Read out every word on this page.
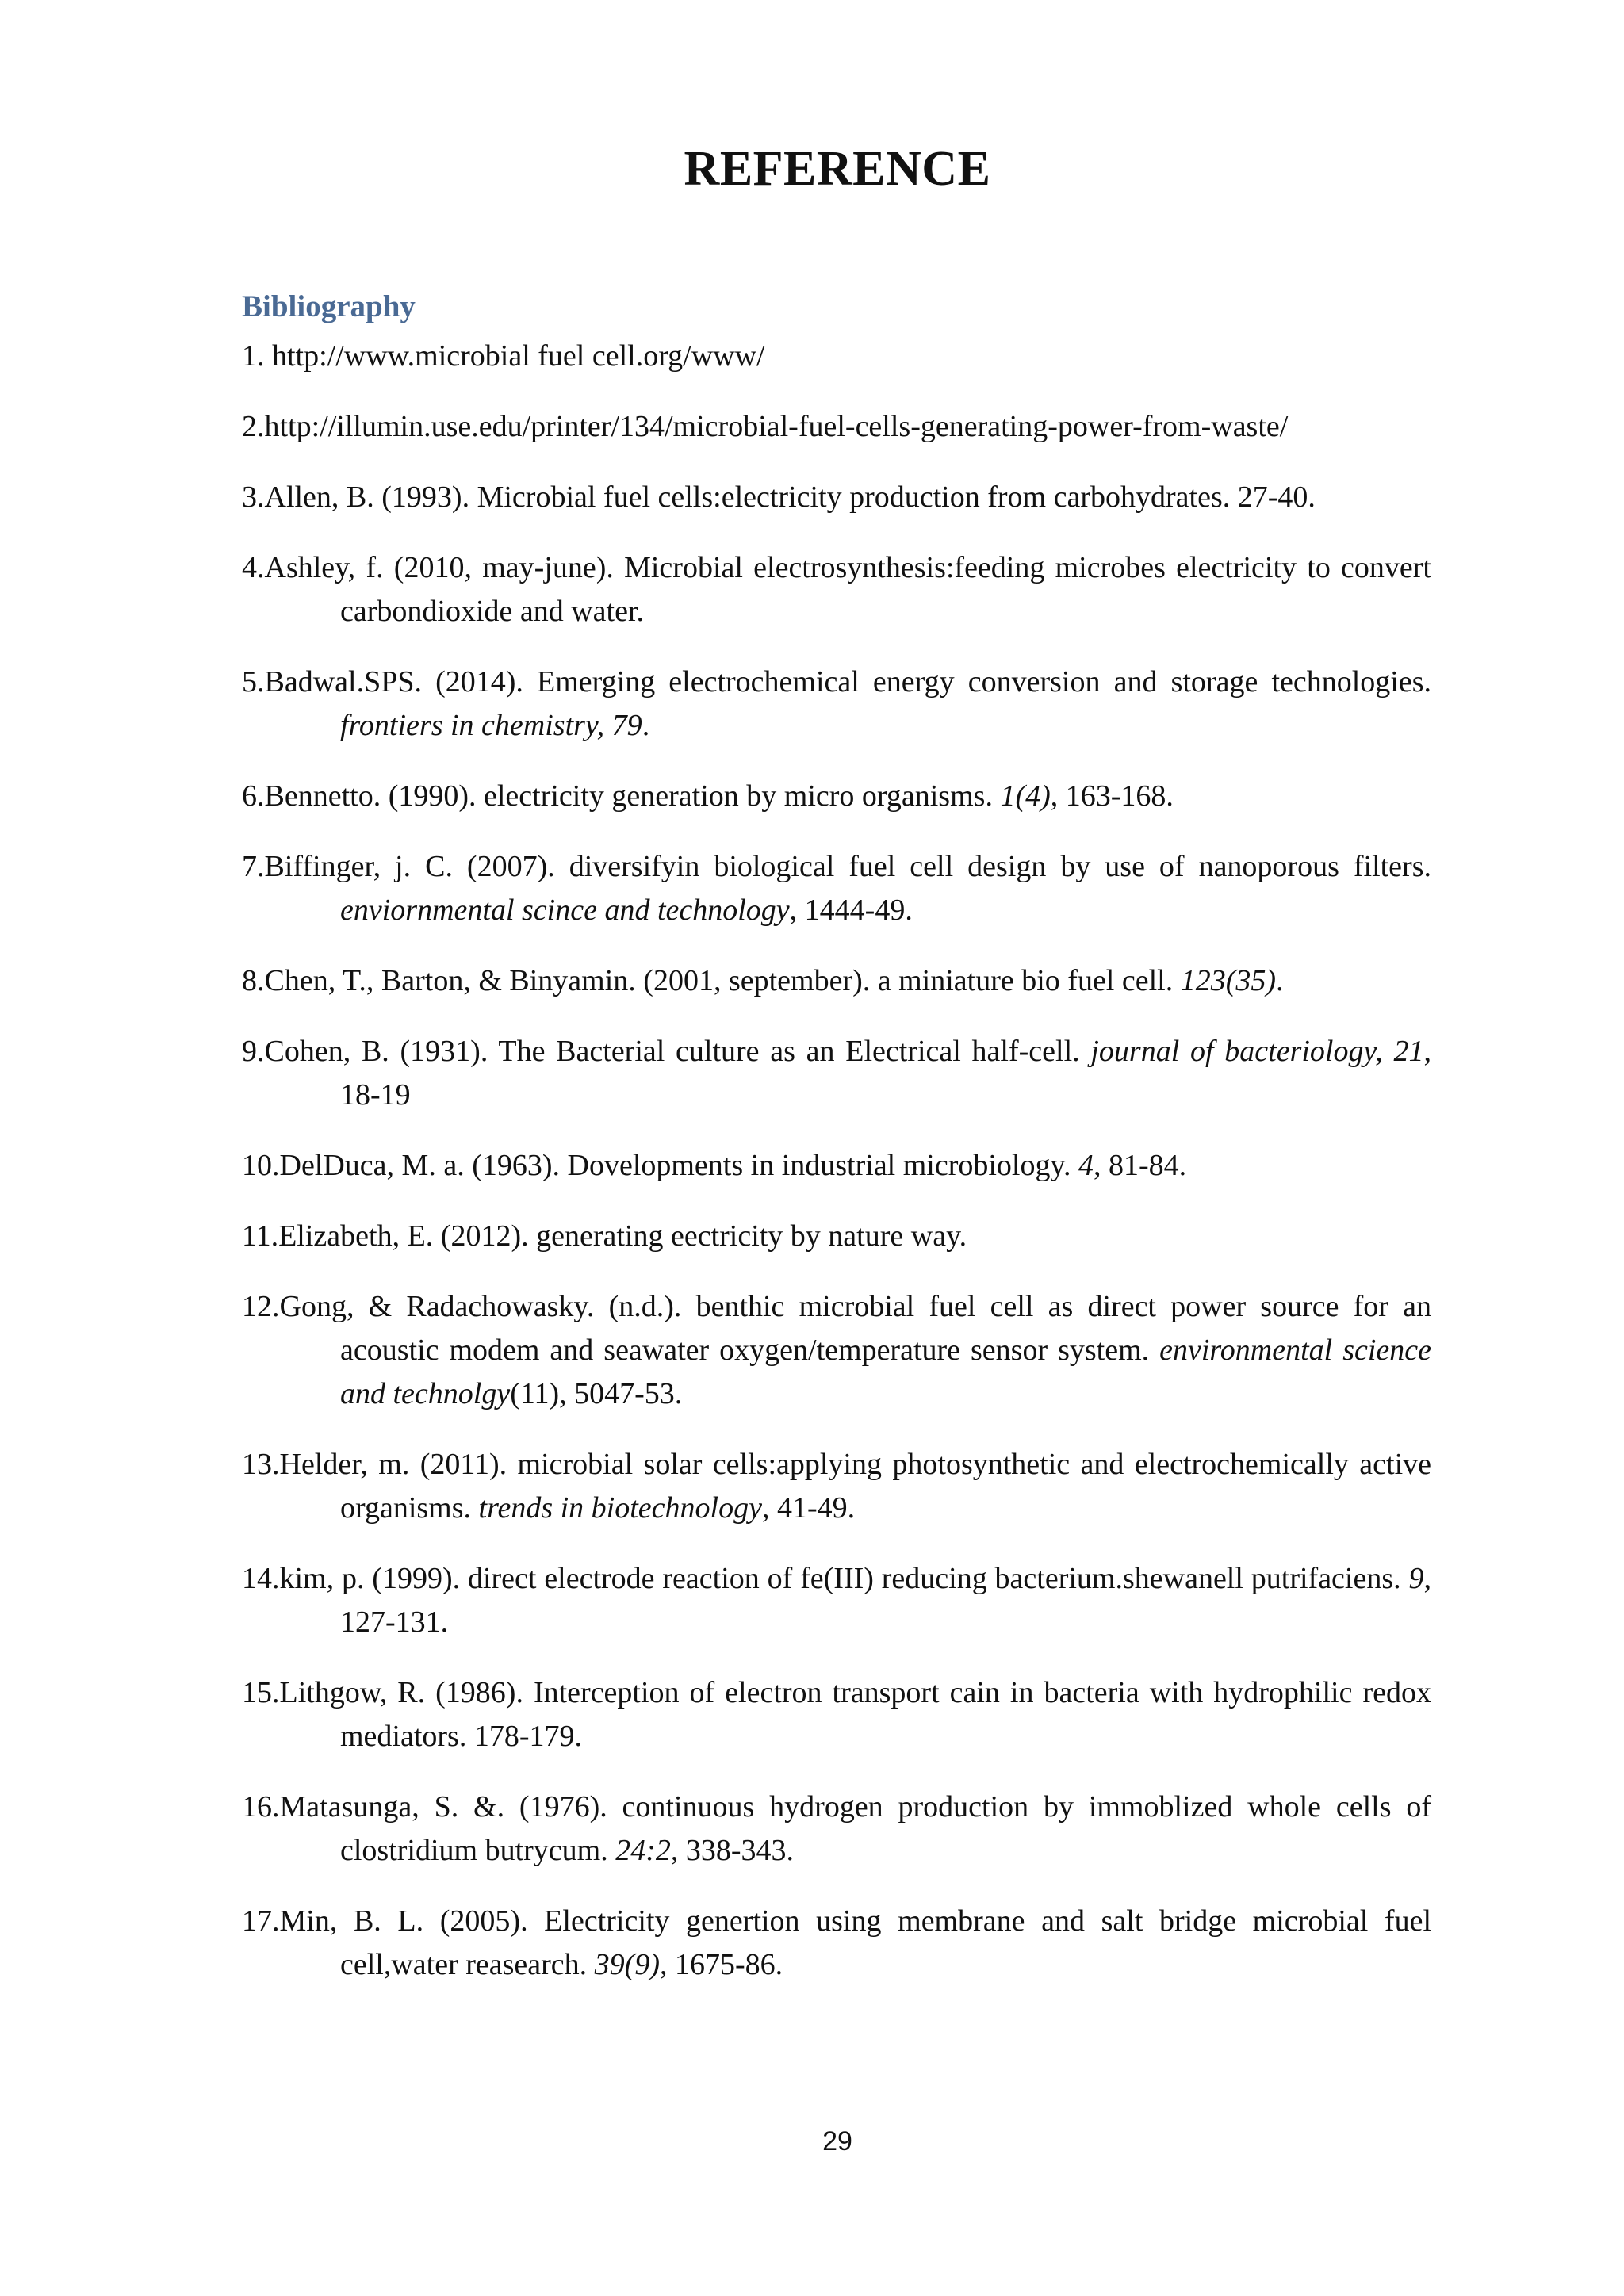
REFERENCE
Bibliography
1. http://www.microbial fuel cell.org/www/
2.http://illumin.use.edu/printer/134/microbial-fuel-cells-generating-power-from-waste/
3.Allen, B. (1993). Microbial fuel cells:electricity production from carbohydrates. 27-40.
4.Ashley, f. (2010, may-june). Microbial electrosynthesis:feeding microbes electricity to convert carbondioxide and water.
5.Badwal.SPS. (2014). Emerging electrochemical energy conversion and storage technologies. frontiers in chemistry, 79.
6.Bennetto. (1990). electricity generation by micro organisms. 1(4), 163-168.
7.Biffinger, j. C. (2007). diversifyin biological fuel cell design by use of nanoporous filters. enviornmental scince and technology, 1444-49.
8.Chen, T., Barton, & Binyamin. (2001, september). a miniature bio fuel cell. 123(35).
9.Cohen, B. (1931). The Bacterial culture as an Electrical half-cell. journal of bacteriology, 21, 18-19
10.DelDuca, M. a. (1963). Dovelopments in industrial microbiology. 4, 81-84.
11.Elizabeth, E. (2012). generating eectricity by nature way.
12.Gong, & Radachowasky. (n.d.). benthic microbial fuel cell as direct power source for an acoustic modem and seawater oxygen/temperature sensor system. environmental science and technolgy(11), 5047-53.
13.Helder, m. (2011). microbial solar cells:applying photosynthetic and electrochemically active organisms. trends in biotechnology, 41-49.
14.kim, p. (1999). direct electrode reaction of fe(III) reducing bacterium.shewanell putrifaciens. 9, 127-131.
15.Lithgow, R. (1986). Interception of electron transport cain in bacteria with hydrophilic redox mediators. 178-179.
16.Matasunga, S. &. (1976). continuous hydrogen production by immoblized whole cells of clostridium butrycum. 24:2, 338-343.
17.Min, B. L. (2005). Electricity genertion using membrane and salt bridge microbial fuel cell,water reasearch. 39(9), 1675-86.
29
